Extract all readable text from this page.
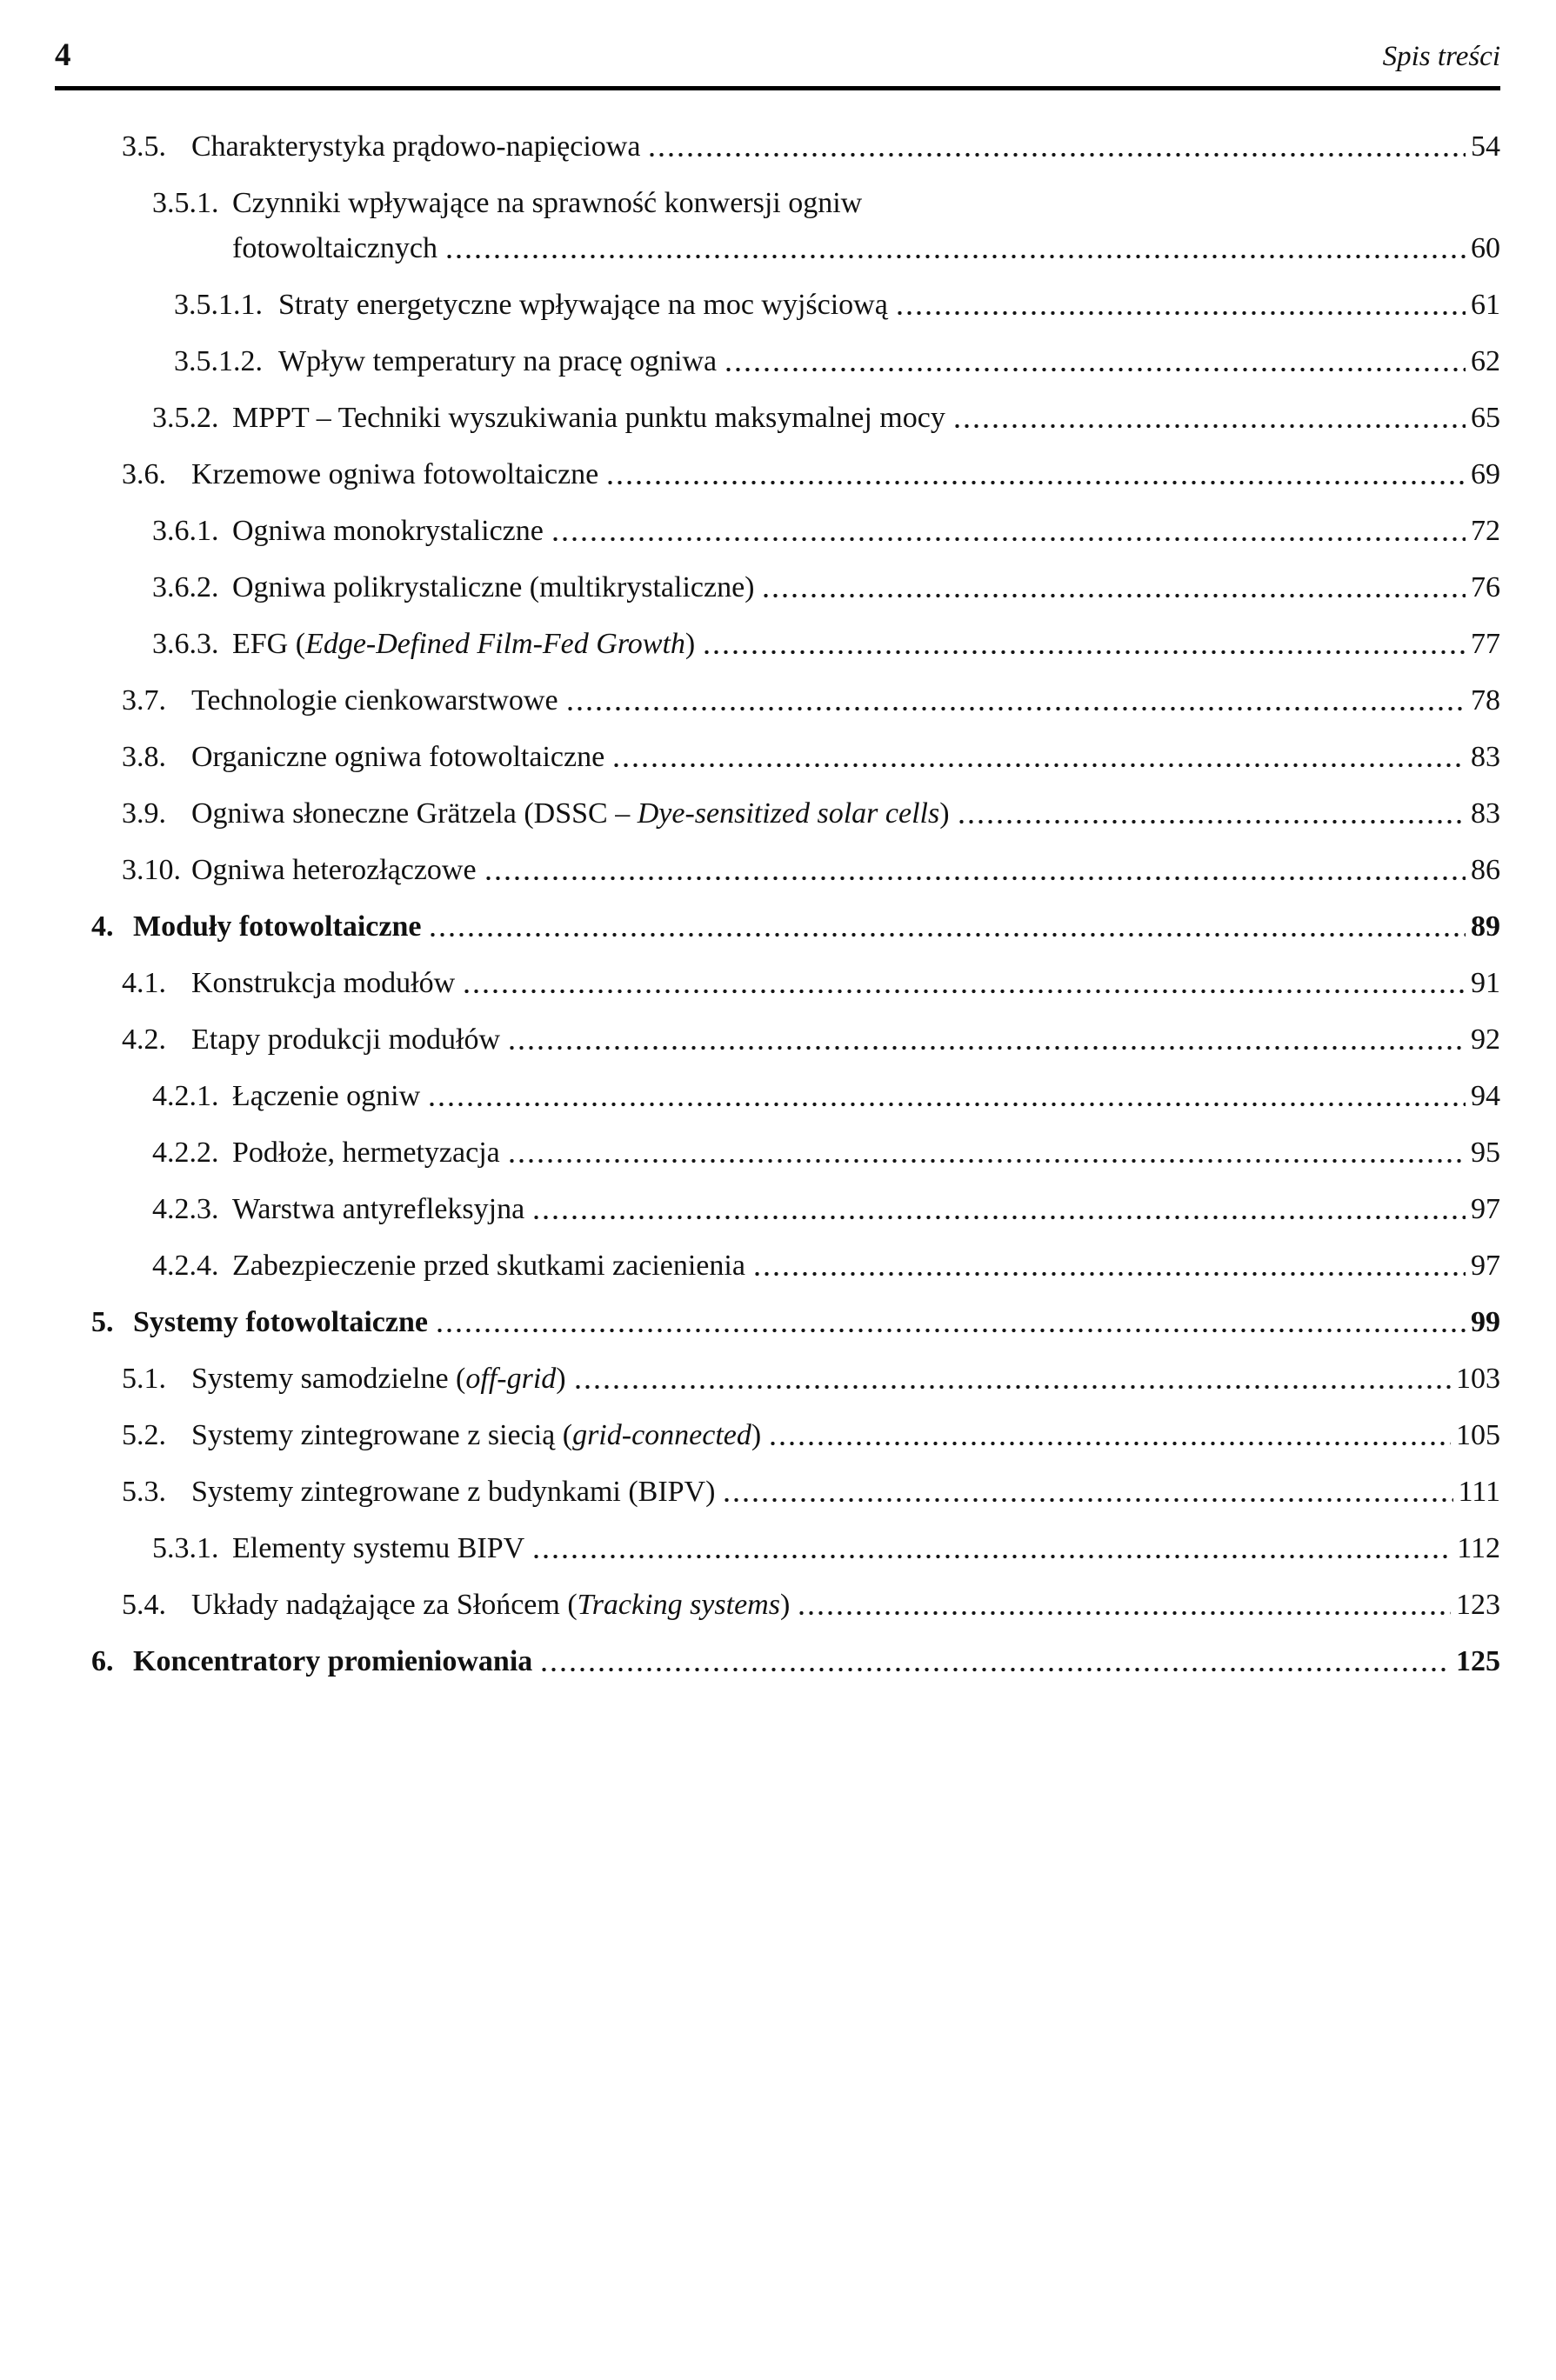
4	Spis treści
3.5. Charakterystyka prądowo-napięciowa	54
3.5.1. Czynniki wpływające na sprawność konwersji ogniw
fotowoltaicznych	60
3.5.1.1. Straty energetyczne wpływające na moc wyjściową	61
3.5.1.2. Wpływ temperatury na pracę ogniwa	62
3.5.2. MPPT – Techniki wyszukiwania punktu maksymalnej mocy	65
3.6. Krzemowe ogniwa fotowoltaiczne	69
3.6.1. Ogniwa monokrystaliczne	72
3.6.2. Ogniwa polikrystaliczne (multikrystaliczne)	76
3.6.3. EFG (Edge-Defined Film-Fed Growth)	77
3.7. Technologie cienkowarstwowe	78
3.8. Organiczne ogniwa fotowoltaiczne	83
3.9. Ogniwa słoneczne Grätzela (DSSC – Dye-sensitized solar cells)	83
3.10. Ogniwa heterozłączowe	86
4. Moduły fotowoltaiczne	89
4.1. Konstrukcja modułów	91
4.2. Etapy produkcji modułów	92
4.2.1. Łączenie ogniw	94
4.2.2. Podłoże, hermetyzacja	95
4.2.3. Warstwa antyrefleksyjna	97
4.2.4. Zabezpieczenie przed skutkami zacienienia	97
5. Systemy fotowoltaiczne	99
5.1. Systemy samodzielne (off-grid)	103
5.2. Systemy zintegrowane z siecią (grid-connected)	105
5.3. Systemy zintegrowane z budynkami (BIPV)	111
5.3.1. Elementy systemu BIPV	112
5.4. Układy nadążające za Słońcem (Tracking systems)	123
6. Koncentratory promieniowania	125
